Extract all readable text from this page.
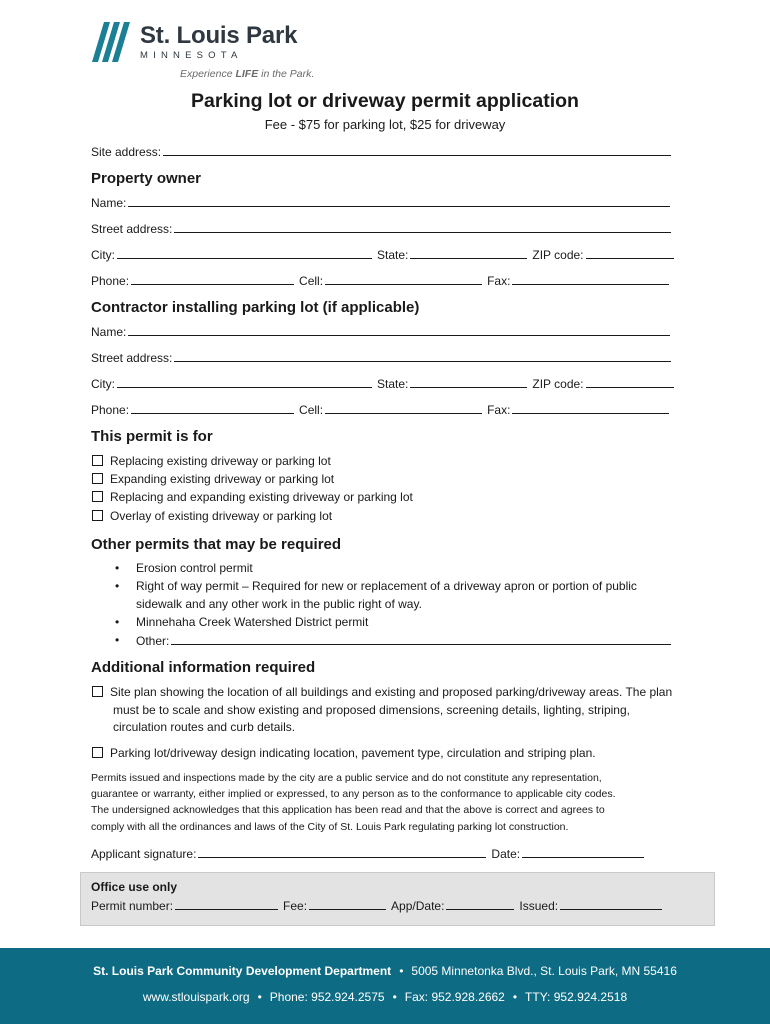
St. Louis Park
MINNESOTA
Experience LIFE in the Park.
Parking lot or driveway permit application
Fee - $75 for parking lot, $25 for driveway
Site address:
Property owner
Name:
Street address:
City:	State:	ZIP code:
Phone:	Cell:	Fax:
Contractor installing parking lot (if applicable)
Name:
Street address:
City:	State:	ZIP code:
Phone:	Cell:	Fax:
This permit is for
Replacing existing driveway or parking lot
Expanding existing driveway or parking lot
Replacing and expanding existing driveway or parking lot
Overlay of existing driveway or parking lot
Other permits that may be required
• Erosion control permit
• Right of way permit – Required for new or replacement of a driveway apron or portion of public
sidewalk and any other work in the public right of way.
• Minnehaha Creek Watershed District permit
• Other:
Additional information required
Site plan showing the location of all buildings and existing and proposed parking/driveway areas. The plan
must be to scale and show existing and proposed dimensions, screening details, lighting, striping,
circulation routes and curb details.
Parking lot/driveway design indicating location, pavement type, circulation and striping plan.
Permits issued and inspections made by the city are a public service and do not constitute any representation,
guarantee or warranty, either implied or expressed, to any person as to the conformance to applicable city codes.
The undersigned acknowledges that this application has been read and that the above is correct and agrees to
comply with all the ordinances and laws of the City of St. Louis Park regulating parking lot construction.
Applicant signature:	Date:
Office use only
Permit number:	Fee:	App/Date:	Issued:
St. Louis Park Community Development Department • 5005 Minnetonka Blvd., St. Louis Park, MN 55416
www.stlouispark.org • Phone: 952.924.2575 • Fax: 952.928.2662 • TTY: 952.924.2518
